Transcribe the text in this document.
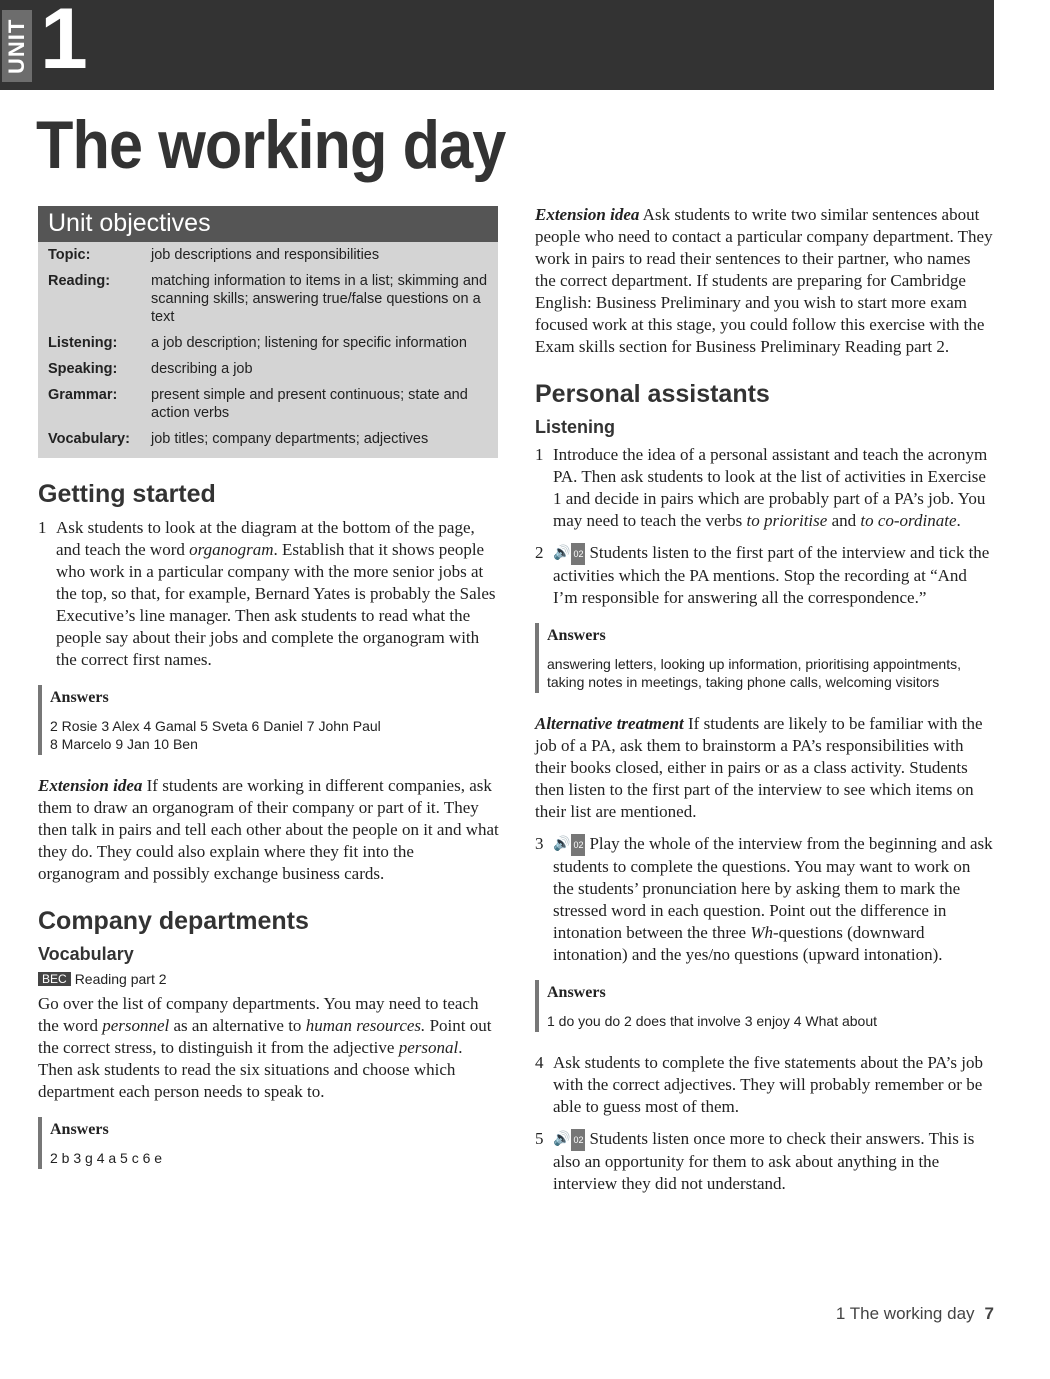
UNIT 1
The working day
Unit objectives
Topic:	job descriptions and responsibilities
Reading:	matching information to items in a list; skimming and scanning skills; answering true/false questions on a text
Listening:	a job description; listening for specific information
Speaking:	describing a job
Grammar:	present simple and present continuous; state and action verbs
Vocabulary:	job titles; company departments; adjectives
Getting started
1 Ask students to look at the diagram at the bottom of the page, and teach the word organogram. Establish that it shows people who work in a particular company with the more senior jobs at the top, so that, for example, Bernard Yates is probably the Sales Executive’s line manager. Then ask students to read what the people say about their jobs and complete the organogram with the correct first names.
Answers
2 Rosie 3 Alex 4 Gamal 5 Sveta 6 Daniel 7 John Paul
8 Marcelo 9 Jan 10 Ben

Extension idea If students are working in different companies, ask them to draw an organogram of their company or part of it. They then talk in pairs and tell each other about the people on it and what they do. They could also explain where they fit into the organogram and possibly exchange business cards.

Company departments
Vocabulary
BEC Reading part 2

Go over the list of company departments. You may need to teach the word personnel as an alternative to human resources. Point out the correct stress, to distinguish it from the adjective personal. Then ask students to read the six situations and choose which department each person needs to speak to.

Answers
2 b 3 g 4 a 5 c 6 e

Extension idea Ask students to write two similar sentences about people who need to contact a particular company department. They work in pairs to read their sentences to their partner, who names the correct department. If students are preparing for Cambridge English: Business Preliminary and you wish to start more exam focused work at this stage, you could follow this exercise with the Exam skills section for Business Preliminary Reading part 2.

Personal assistants
Listening
1 Introduce the idea of a personal assistant and teach the acronym PA. Then ask students to look at the list of activities in Exercise 1 and decide in pairs which are probably part of a PA’s job. You may need to teach the verbs to prioritise and to co-ordinate.
2 🔊 02 Students listen to the first part of the interview and tick the activities which the PA mentions. Stop the recording at “And I’m responsible for answering all the correspondence.”
Answers
answering letters, looking up information, prioritising appointments, taking notes in meetings, taking phone calls, welcoming visitors

Alternative treatment If students are likely to be familiar with the job of a PA, ask them to brainstorm a PA’s responsibilities with their books closed, either in pairs or as a class activity. Students then listen to the first part of the interview to see which items on their list are mentioned.

3 🔊 02 Play the whole of the interview from the beginning and ask students to complete the questions. You may want to work on the students’ pronunciation here by asking them to mark the stressed word in each question. Point out the difference in intonation between the three Wh-questions (downward intonation) and the yes/no questions (upward intonation).
Answers
1 do you do 2 does that involve 3 enjoy 4 What about
4 Ask students to complete the five statements about the PA’s job with the correct adjectives. They will probably remember or be able to guess most of them.
5 🔊 02 Students listen once more to check their answers. This is also an opportunity for them to ask about anything in the interview they did not understand.
1 The working day 7
